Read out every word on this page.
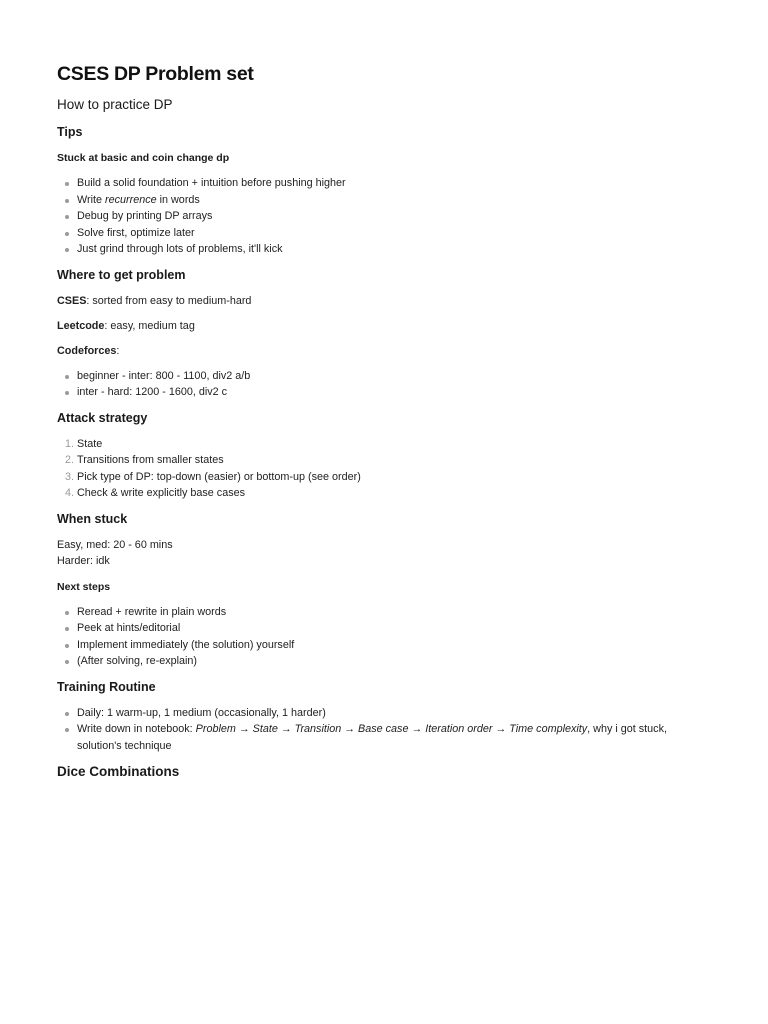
CSES DP Problem set
How to practice DP
Tips
Stuck at basic and coin change dp
Build a solid foundation + intuition before pushing higher
Write recurrence in words
Debug by printing DP arrays
Solve first, optimize later
Just grind through lots of problems, it'll kick
Where to get problem

CSES: sorted from easy to medium-hard

Leetcode: easy, medium tag

Codeforces:

beginner - inter: 800 - 1100, div2 a/b
inter - hard: 1200 - 1600, div2 c
Attack strategy
1. State
2. Transitions from smaller states
3. Pick type of DP: top-down (easier) or bottom-up (see order)
4. Check & write explicitly base cases
When stuck

Easy, med: 20 - 60 mins

Harder: idk

Next steps
Reread + rewrite in plain words
Peek at hints/editorial
Implement immediately (the solution) yourself
(After solving, re-explain)
Training Routine
Daily: 1 warm-up, 1 medium (occasionally, 1 harder)
Write down in notebook: Problem → State → Transition → Base case → Iteration order → Time complexity, why i got stuck, solution's technique
Dice Combinations
